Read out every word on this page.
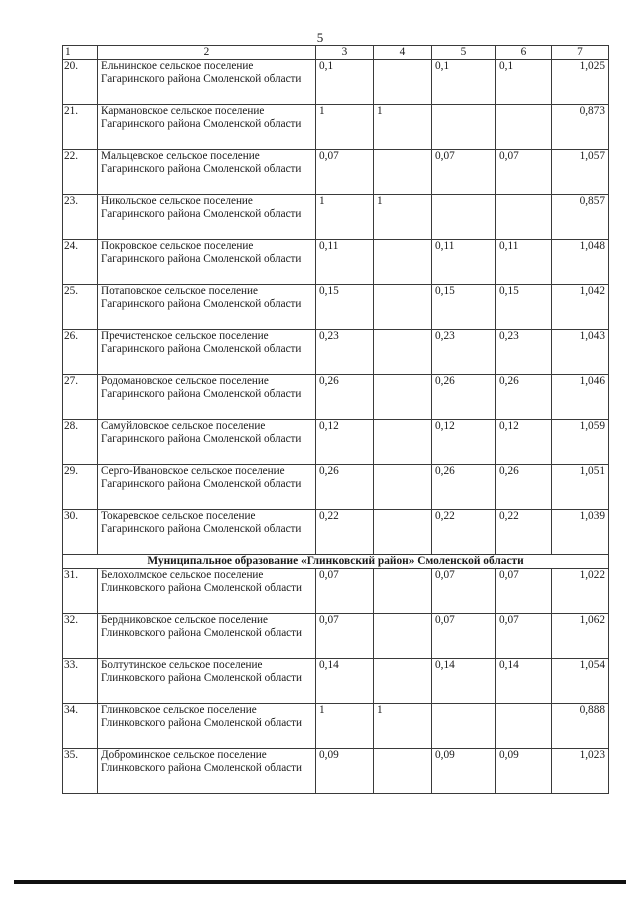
5
1	2	3	4	5	6	7
20.	Ельнинское сельское поселение Гагаринского района Смоленской области	0,1		0,1	0,1	1,025
21.	Кармановское сельское поселение Гагаринского района Смоленской области	1	1			0,873
22.	Мальцевское сельское поселение Гагаринского района Смоленской области	0,07		0,07	0,07	1,057
23.	Никольское сельское поселение Гагаринского района Смоленской области	1	1			0,857
24.	Покровское сельское поселение Гагаринского района Смоленской области	0,11		0,11	0,11	1,048
25.	Потаповское сельское поселение Гагаринского района Смоленской области	0,15		0,15	0,15	1,042
26.	Пречистенское сельское поселение Гагаринского района Смоленской области	0,23		0,23	0,23	1,043
27.	Родомановское сельское поселение Гагаринского района Смоленской области	0,26		0,26	0,26	1,046
28.	Самуйловское сельское поселение Гагаринского района Смоленской области	0,12		0,12	0,12	1,059
29.	Серго-Ивановское сельское поселение Гагаринского района Смоленской области	0,26		0,26	0,26	1,051
30.	Токаревское сельское поселение Гагаринского района Смоленской области	0,22		0,22	0,22	1,039
Муниципальное образование «Глинковский район» Смоленской области						
31.	Белохолмское сельское поселение Глинковского района Смоленской области	0,07		0,07	0,07	1,022
32.	Бердниковское сельское поселение Глинковского района Смоленской области	0,07		0,07	0,07	1,062
33.	Болтутинское сельское поселение Глинковского района Смоленской области	0,14		0,14	0,14	1,054
34.	Глинковское сельское поселение Глинковского района Смоленской области	1	1			0,888
35.	Доброминское сельское поселение Глинковского района Смоленской области	0,09		0,09	0,09	1,023
